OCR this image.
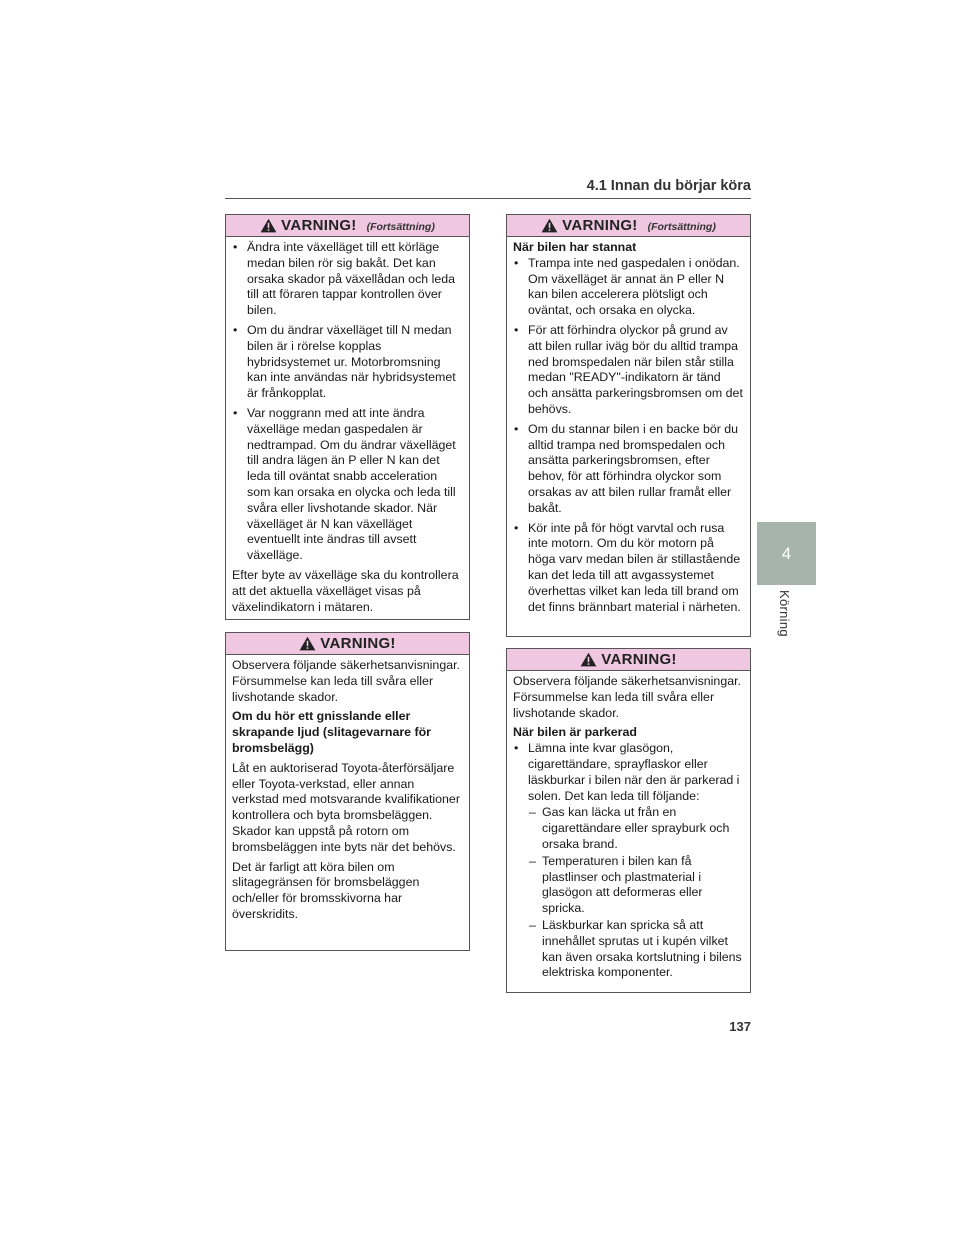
4.1 Innan du börjar köra
4
Körning
VARNING! (Fortsättning)
• Ändra inte växelläget till ett körläge medan bilen rör sig bakåt. Det kan orsaka skador på växellådan och leda till att föraren tappar kontrollen över bilen.
• Om du ändrar växelläget till N medan bilen är i rörelse kopplas hybridsystemet ur. Motorbromsning kan inte användas när hybridsystemet är frånkopplat.
• Var noggrann med att inte ändra växelläge medan gaspedalen är nedtrampad. Om du ändrar växelläget till andra lägen än P eller N kan det leda till oväntat snabb acceleration som kan orsaka en olycka och leda till svåra eller livshotande skador. När växelläget är N kan växelläget eventuellt inte ändras till avsett växelläge.

Efter byte av växelläge ska du kontrollera att det aktuella växelläget visas på växelindikatorn i mätaren.

VARNING!

Observera följande säkerhetsanvisningar. Försummelse kan leda till svåra eller livshotande skador.

Om du hör ett gnisslande eller skrapande ljud (slitagevarnare för bromsbelägg)

Låt en auktoriserad Toyota-återförsäljare eller Toyota-verkstad, eller annan verkstad med motsvarande kvalifikationer kontrollera och byta bromsbeläggen. Skador kan uppstå på rotorn om bromsbeläggen inte byts när det behövs.

Det är farligt att köra bilen om slitagegränsen för bromsbeläggen och/eller för bromsskivorna har överskridits.

VARNING! (Fortsättning)

När bilen har stannat

• Trampa inte ned gaspedalen i onödan. Om växelläget är annat än P eller N kan bilen accelerera plötsligt och oväntat, och orsaka en olycka.
• För att förhindra olyckor på grund av att bilen rullar iväg bör du alltid trampa ned bromspedalen när bilen står stilla medan "READY"-indikatorn är tänd och ansätta parkeringsbromsen om det behövs.
• Om du stannar bilen i en backe bör du alltid trampa ned bromspedalen och ansätta parkeringsbromsen, efter behov, för att förhindra olyckor som orsakas av att bilen rullar framåt eller bakåt.
• Kör inte på för högt varvtal och rusa inte motorn. Om du kör motorn på höga varv medan bilen är stillastående kan det leda till att avgassystemet överhettas vilket kan leda till brand om det finns brännbart material i närheten.
VARNING!

Observera följande säkerhetsanvisningar. Försummelse kan leda till svåra eller livshotande skador.

När bilen är parkerad

• Lämna inte kvar glasögon, cigarettändare, sprayflaskor eller läskburkar i bilen när den är parkerad i solen. Det kan leda till följande:
– Gas kan läcka ut från en cigarettändare eller sprayburk och orsaka brand.
– Temperaturen i bilen kan få plastlinser och plastmaterial i glasögon att deformeras eller spricka.
– Läskburkar kan spricka så att innehållet sprutas ut i kupén vilket kan även orsaka kortslutning i bilens elektriska komponenter.
137
